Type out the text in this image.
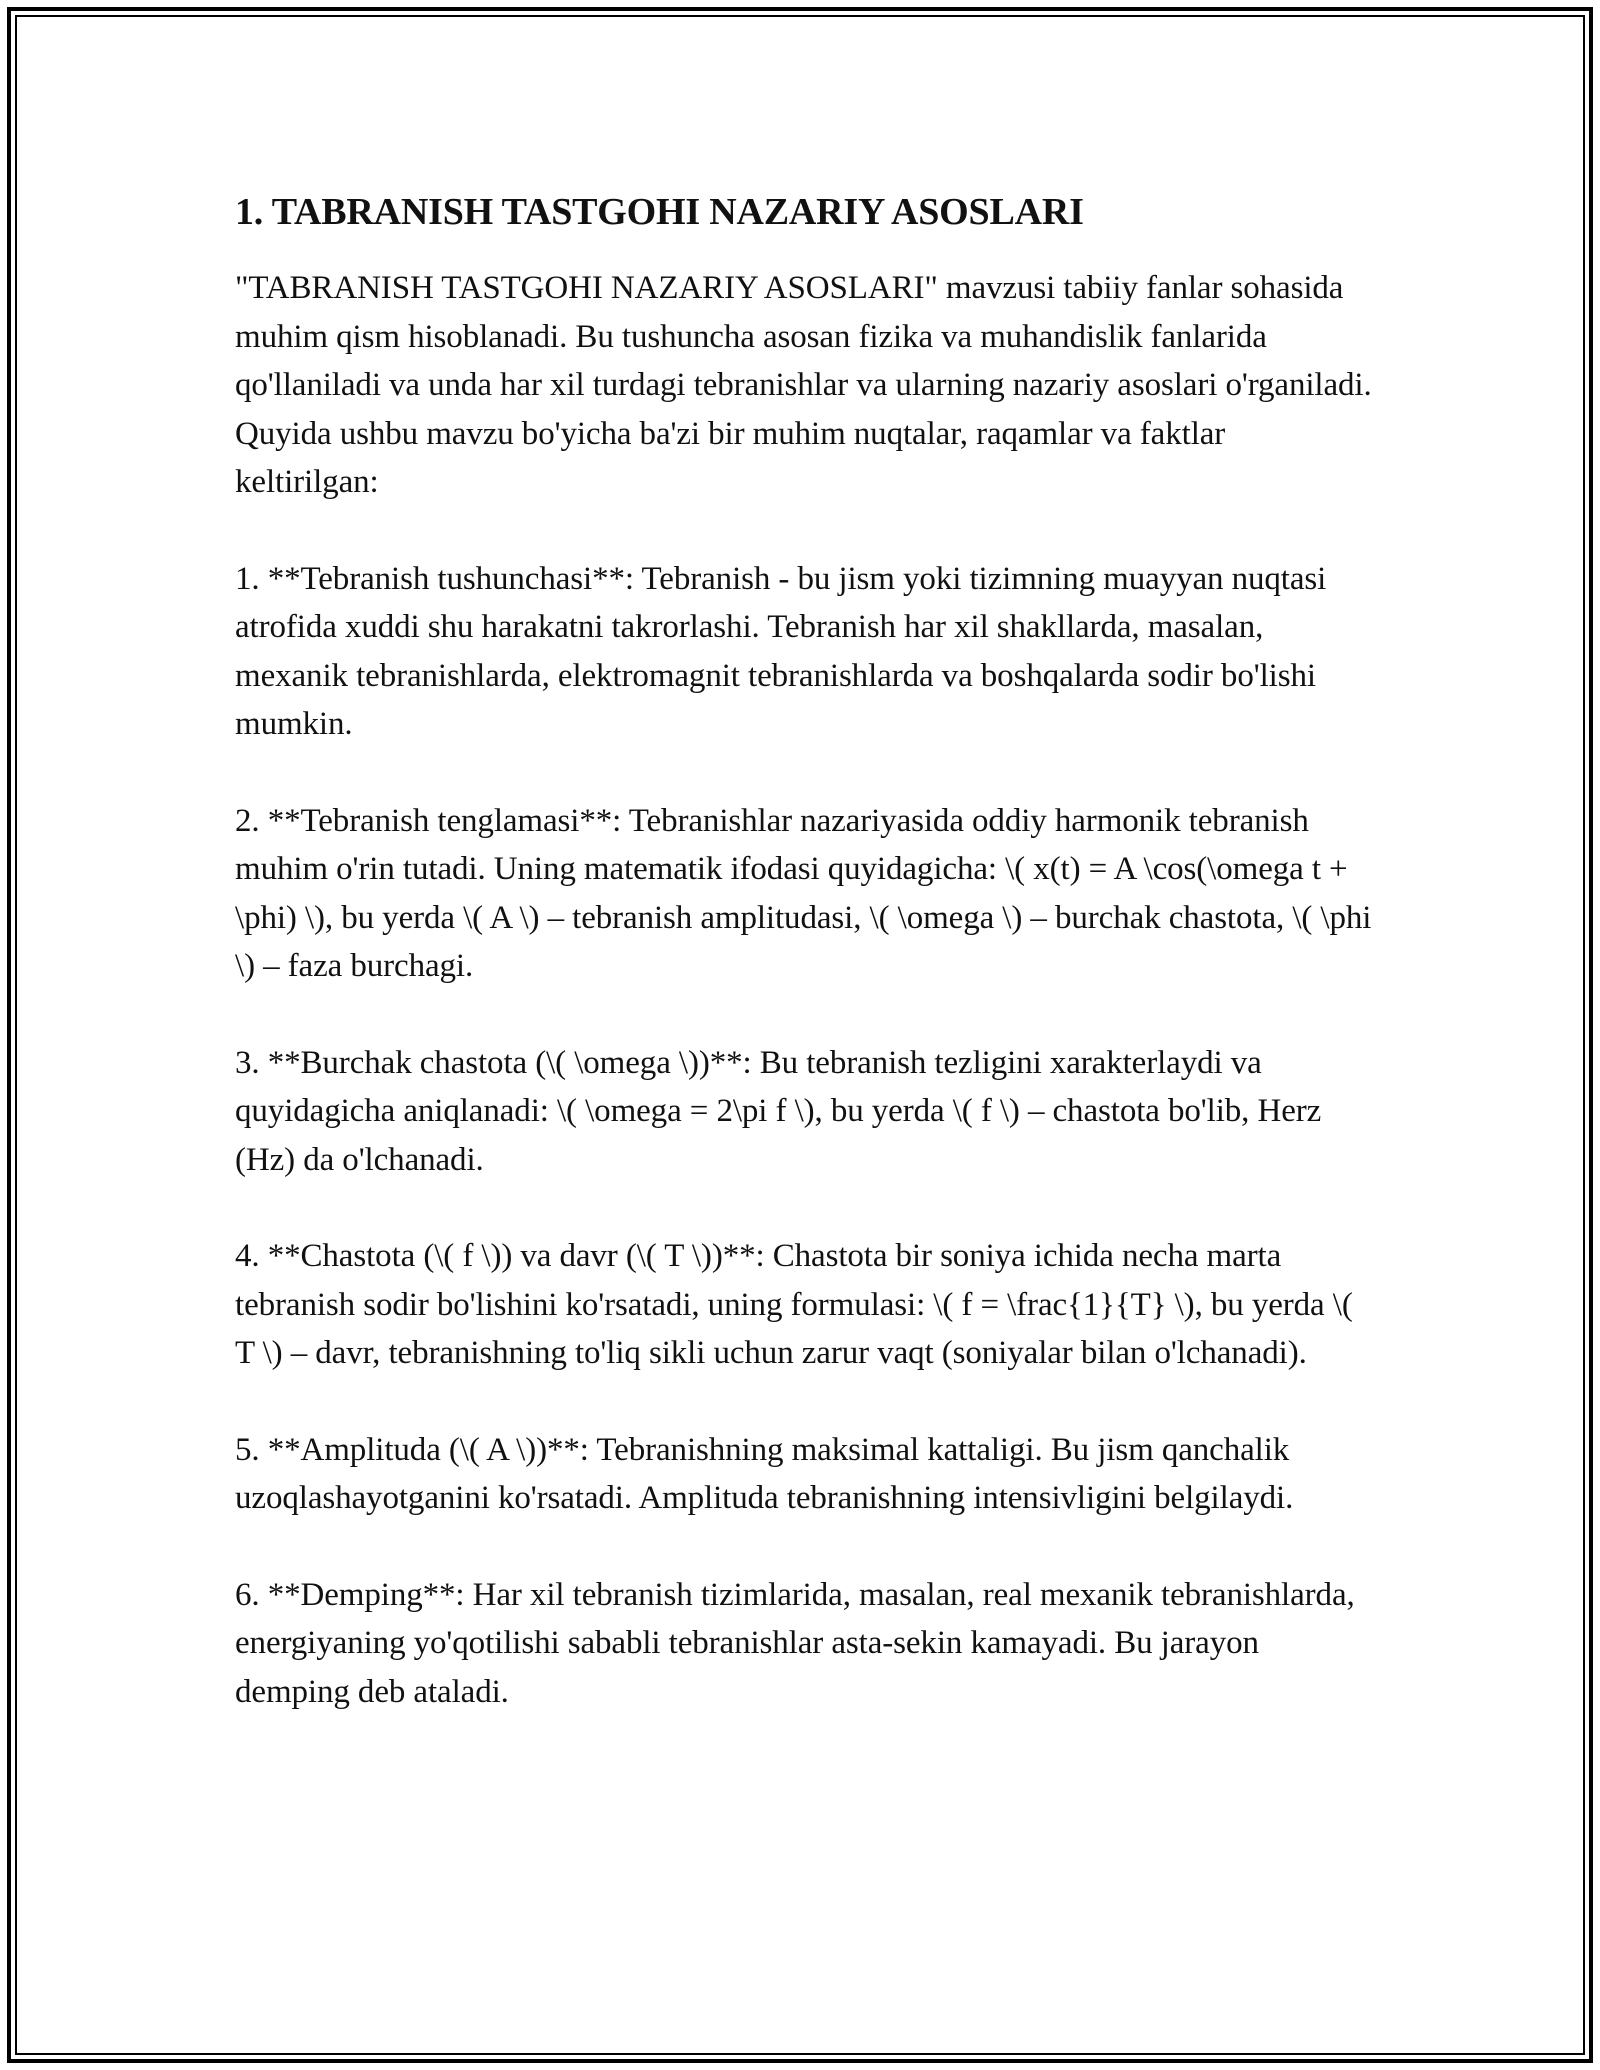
1. TABRANISH TASTGOHI NAZARIY ASOSLARI

"TABRANISH TASTGOHI NAZARIY ASOSLARI" mavzusi tabiiy fanlar sohasida muhim qism hisoblanadi. Bu tushuncha asosan fizika va muhandislik fanlarida qo'llaniladi va unda har xil turdagi tebranishlar va ularning nazariy asoslari o'rganiladi. Quyida ushbu mavzu bo'yicha ba'zi bir muhim nuqtalar, raqamlar va faktlar keltirilgan:

1. **Tebranish tushunchasi**: Tebranish - bu jism yoki tizimning muayyan nuqtasi atrofida xuddi shu harakatni takrorlashi. Tebranish har xil shakllarda, masalan, mexanik tebranishlarda, elektromagnit tebranishlarda va boshqalarda sodir bo'lishi mumkin.

2. **Tebranish tenglamasi**: Tebranishlar nazariyasida oddiy harmonik tebranish muhim o'rin tutadi. Uning matematik ifodasi quyidagicha: \( x(t) = A \cos(\omega t + \phi) \), bu yerda \( A \) – tebranish amplitudasi, \( \omega \) – burchak chastota, \( \phi \) – faza burchagi.

3. **Burchak chastota (\( \omega \))**: Bu tebranish tezligini xarakterlaydi va quyidagicha aniqlanadi: \( \omega = 2\pi f \), bu yerda \( f \) – chastota bo'lib, Herz (Hz) da o'lchanadi.

4. **Chastota (\( f \)) va davr (\( T \))**: Chastota bir soniya ichida necha marta tebranish sodir bo'lishini ko'rsatadi, uning formulasi: \( f = \frac{1}{T} \), bu yerda \( T \) – davr, tebranishning to'liq sikli uchun zarur vaqt (soniyalar bilan o'lchanadi).

5. **Amplituda (\( A \))**: Tebranishning maksimal kattaligi. Bu jism qanchalik uzoqlashayotganini ko'rsatadi. Amplituda tebranishning intensivligini belgilaydi.

6. **Demping**: Har xil tebranish tizimlarida, masalan, real mexanik tebranishlarda, energiyaning yo'qotilishi sababli tebranishlar asta-sekin kamayadi. Bu jarayon demping deb ataladi.
